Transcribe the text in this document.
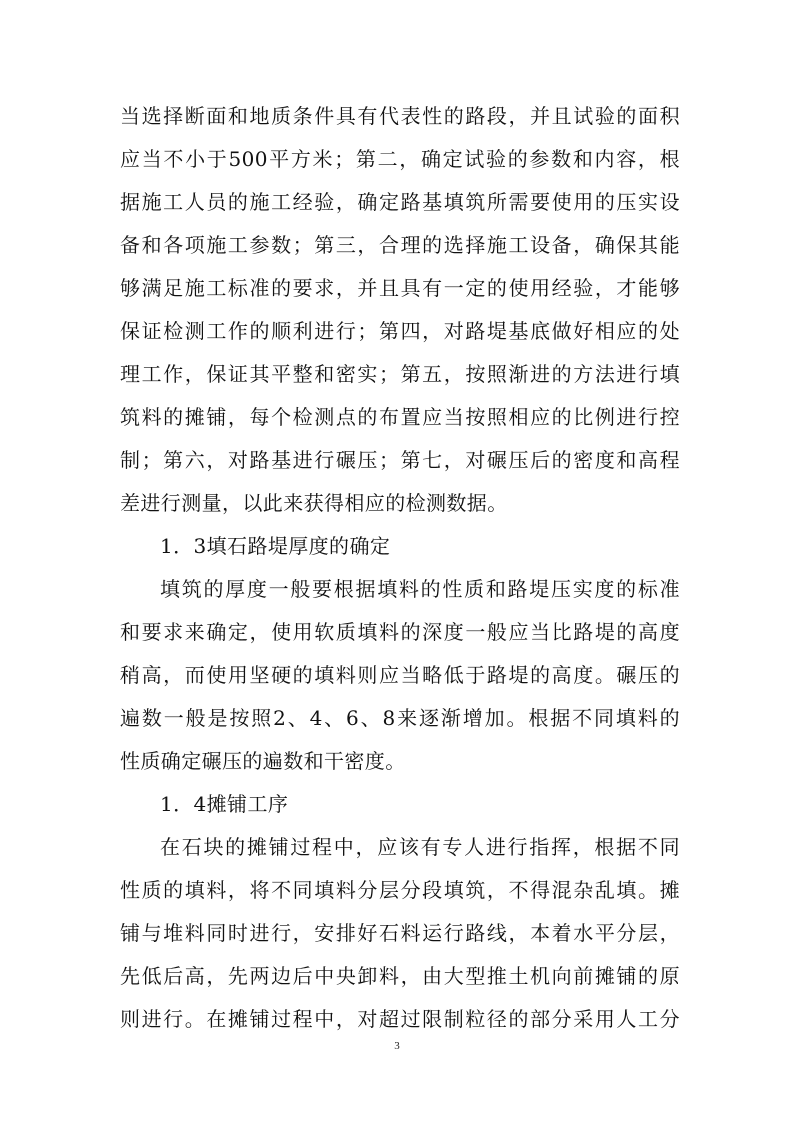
当选择断面和地质条件具有代表性的路段，并且试验的面积
应当不小于500平方米；第二，确定试验的参数和内容，根
据施工人员的施工经验，确定路基填筑所需要使用的压实设
备和各项施工参数；第三，合理的选择施工设备，确保其能
够满足施工标准的要求，并且具有一定的使用经验，才能够
保证检测工作的顺利进行；第四，对路堤基底做好相应的处
理工作，保证其平整和密实；第五，按照渐进的方法进行填
筑料的摊铺，每个检测点的布置应当按照相应的比例进行控
制；第六，对路基进行碾压；第七，对碾压后的密度和高程
差进行测量，以此来获得相应的检测数据。
1．3填石路堤厚度的确定
填筑的厚度一般要根据填料的性质和路堤压实度的标准
和要求来确定，使用软质填料的深度一般应当比路堤的高度
稍高，而使用坚硬的填料则应当略低于路堤的高度。碾压的
遍数一般是按照2、4、6、8来逐渐增加。根据不同填料的
性质确定碾压的遍数和干密度。
1．4摊铺工序
在石块的摊铺过程中，应该有专人进行指挥，根据不同
性质的填料，将不同填料分层分段填筑，不得混杂乱填。摊
铺与堆料同时进行，安排好石料运行路线，本着水平分层，
先低后高，先两边后中央卸料，由大型推土机向前摊铺的原
则进行。在摊铺过程中，对超过限制粒径的部分采用人工分
3
